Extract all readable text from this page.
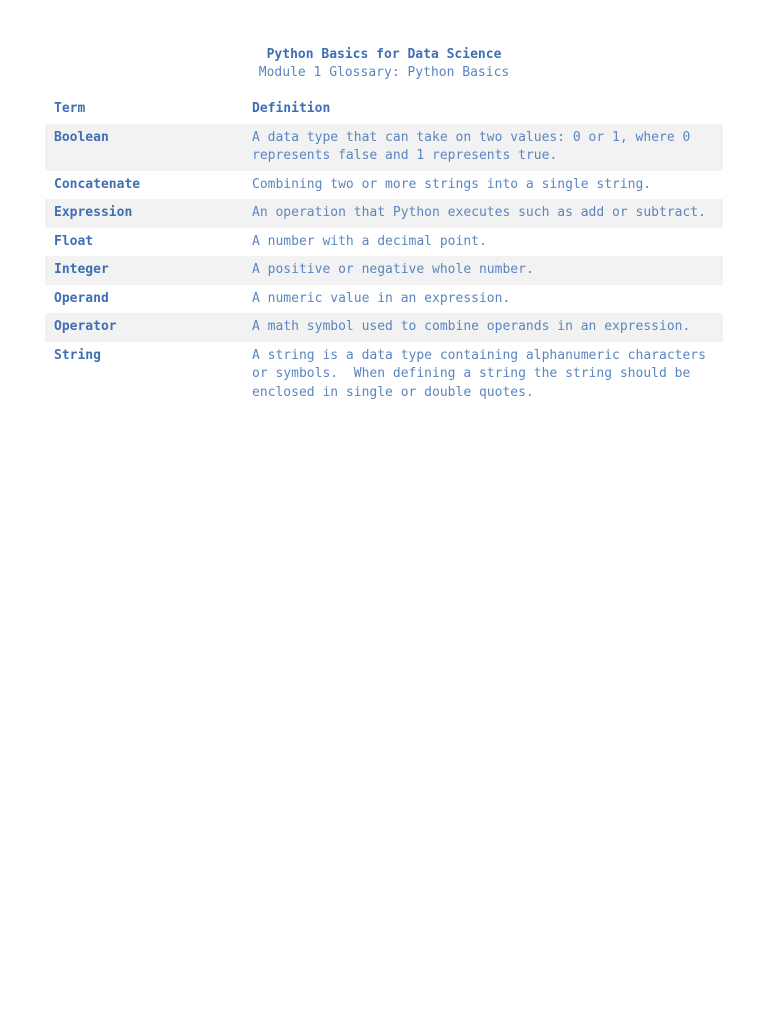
Python Basics for Data Science
Module 1 Glossary: Python Basics
Term	Definition
Boolean	A data type that can take on two values: 0 or 1, where 0 represents false and 1 represents true.
Concatenate	Combining two or more strings into a single string.
Expression	An operation that Python executes such as add or subtract.
Float	A number with a decimal point.
Integer	A positive or negative whole number.
Operand	A numeric value in an expression.
Operator	A math symbol used to combine operands in an expression.
String	A string is a data type containing alphanumeric characters or symbols.  When defining a string the string should be enclosed in single or double quotes.
